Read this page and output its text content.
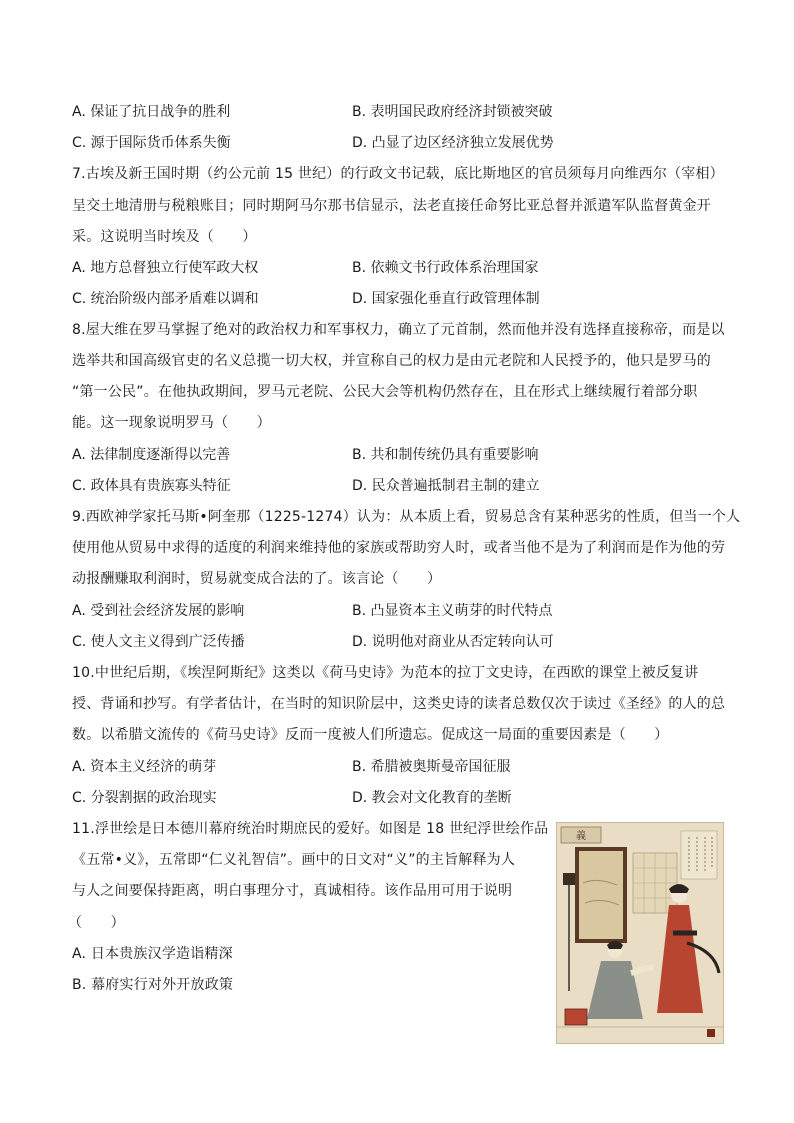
A. 保证了抗日战争的胜利	B. 表明国民政府经济封锁被突破
C. 源于国际货币体系失衡	D. 凸显了边区经济独立发展优势
7.古埃及新王国时期（约公元前 15 世纪）的行政文书记载，底比斯地区的官员须每月向维西尔（宰相）
呈交土地清册与税粮账目；同时期阿马尔那书信显示，法老直接任命努比亚总督并派遣军队监督黄金开
采。这说明当时埃及（　　）
A. 地方总督独立行使军政大权	B. 依赖文书行政体系治理国家
C. 统治阶级内部矛盾难以调和	D. 国家强化垂直行政管理体制
8.屋大维在罗马掌握了绝对的政治权力和军事权力，确立了元首制，然而他并没有选择直接称帝，而是以
选举共和国高级官吏的名义总揽一切大权，并宣称自己的权力是由元老院和人民授予的，他只是罗马的
“第一公民”。在他执政期间，罗马元老院、公民大会等机构仍然存在，且在形式上继续履行着部分职
能。这一现象说明罗马（　　）
A. 法律制度逐渐得以完善	B. 共和制传统仍具有重要影响
C. 政体具有贵族寡头特征	D. 民众普遍抵制君主制的建立
9.西欧神学家托马斯•阿奎那（1225-1274）认为：从本质上看，贸易总含有某种恶劣的性质，但当一个人
使用他从贸易中求得的适度的利润来维持他的家族或帮助穷人时，或者当他不是为了利润而是作为他的劳
动报酬赚取利润时，贸易就变成合法的了。该言论（　　）
A. 受到社会经济发展的影响	B. 凸显资本主义萌芽的时代特点
C. 使人文主义得到广泛传播	D. 说明他对商业从否定转向认可
10.中世纪后期，《埃涅阿斯纪》这类以《荷马史诗》为范本的拉丁文史诗，在西欧的课堂上被反复讲
授、背诵和抄写。有学者估计，在当时的知识阶层中，这类史诗的读者总数仅次于读过《圣经》的人的总
数。以希腊文流传的《荷马史诗》反而一度被人们所遗忘。促成这一局面的重要因素是（　　）
A. 资本主义经济的萌芽	B. 希腊被奥斯曼帝国征服
C. 分裂割据的政治现实	D. 教会对文化教育的垄断
11.浮世绘是日本德川幕府统治时期庶民的爱好。如图是 18 世纪浮世绘作品
《五常•义》，五常即“仁义礼智信”。画中的日文对“义”的主旨解释为人
与人之间要保持距离，明白事理分寸，真诚相待。该作品用可用于说明
（　　）
A. 日本贵族汉学造诣精深
B. 幕府实行对外开放政策
義
